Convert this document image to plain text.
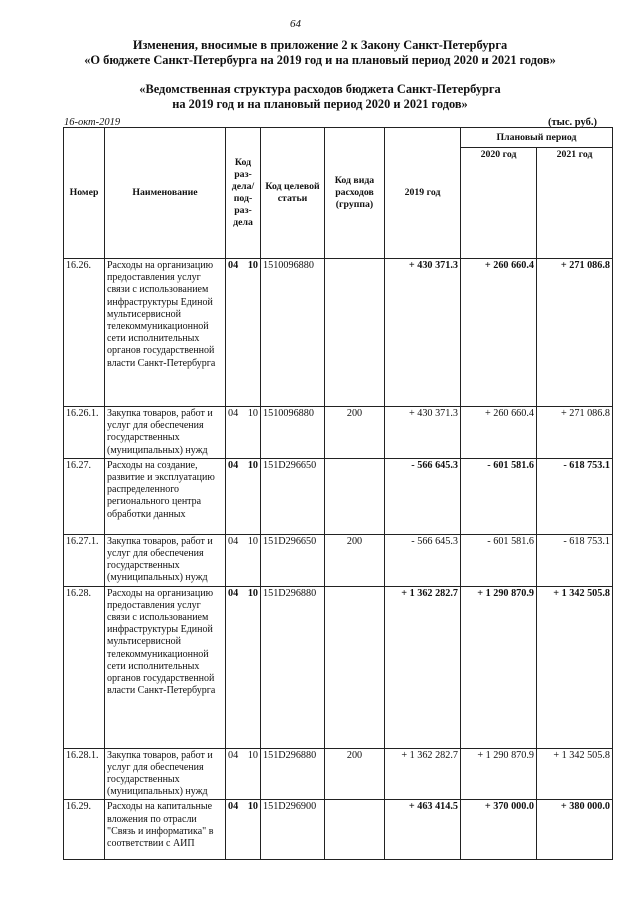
64
Изменения, вносимые в приложение 2 к Закону Санкт-Петербурга
«О бюджете Санкт-Петербурга на 2019 год и на плановый период 2020 и 2021 годов»
«Ведомственная структура расходов бюджета Санкт-Петербурга
на 2019 год и на плановый период 2020 и 2021 годов»
16-окт-2019	(тыс. руб.)
Номер	Наименование	Код раз-дела/ под-раз-дела	Код целевой статьи	Код вида расходов (группа)	2019 год	Плановый период	
						2020 год	2021 год
16.26.	Расходы на организацию предоставления услуг связи с использованием инфраструктуры Единой мультисервисной телекоммуникационной сети исполнительных органов государственной власти Санкт-Петербурга	04 10	1510096880		+ 430 371.3	+ 260 660.4	+ 271 086.8
16.26.1.	Закупка товаров, работ и услуг для обеспечения государственных (муниципальных) нужд	04 10	1510096880	200	+ 430 371.3	+ 260 660.4	+ 271 086.8
16.27.	Расходы на создание, развитие и эксплуатацию распределенного регионального центра обработки данных	04 10	151D296650		- 566 645.3	- 601 581.6	- 618 753.1
16.27.1.	Закупка товаров, работ и услуг для обеспечения государственных (муниципальных) нужд	04 10	151D296650	200	- 566 645.3	- 601 581.6	- 618 753.1
16.28.	Расходы на организацию предоставления услуг связи с использованием инфраструктуры Единой мультисервисной телекоммуникационной сети исполнительных органов государственной власти Санкт-Петербурга	04 10	151D296880		+ 1 362 282.7	+ 1 290 870.9	+ 1 342 505.8
16.28.1.	Закупка товаров, работ и услуг для обеспечения государственных (муниципальных) нужд	04 10	151D296880	200	+ 1 362 282.7	+ 1 290 870.9	+ 1 342 505.8
16.29.	Расходы на капитальные вложения по отрасли "Связь и информатика" в соответствии с АИП	04 10	151D296900		+ 463 414.5	+ 370 000.0	+ 380 000.0
